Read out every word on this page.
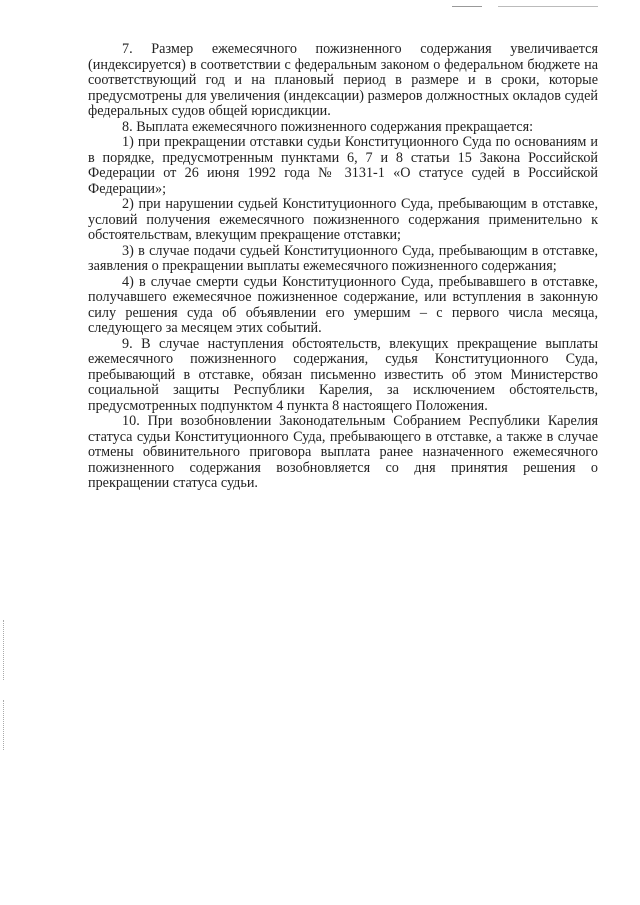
7. Размер ежемесячного пожизненного содержания увеличивается (индексируется) в соответствии с федеральным законом о федеральном бюджете на соответствующий год и на плановый период в размере и в сроки, которые предусмотрены для увеличения (индексации) размеров должностных окладов судей федеральных судов общей юрисдикции.

8. Выплата ежемесячного пожизненного содержания прекращается:

1) при прекращении отставки судьи Конституционного Суда по основаниям и в порядке, предусмотренным пунктами 6, 7 и 8 статьи 15 Закона Российской Федерации от 26 июня 1992 года № 3131-1 «О статусе судей в Российской Федерации»;

2) при нарушении судьей Конституционного Суда, пребывающим в отставке, условий получения ежемесячного пожизненного содержания применительно к обстоятельствам, влекущим прекращение отставки;

3) в случае подачи судьей Конституционного Суда, пребывающим в отставке, заявления о прекращении выплаты ежемесячного пожизненного содержания;

4) в случае смерти судьи Конституционного Суда, пребывавшего в отставке, получавшего ежемесячное пожизненное содержание, или вступления в законную силу решения суда об объявлении его умершим – с первого числа месяца, следующего за месяцем этих событий.

9. В случае наступления обстоятельств, влекущих прекращение выплаты ежемесячного пожизненного содержания, судья Конституционного Суда, пребывающий в отставке, обязан письменно известить об этом Министерство социальной защиты Республики Карелия, за исключением обстоятельств, предусмотренных подпунктом 4 пункта 8 настоящего Положения.

10. При возобновлении Законодательным Собранием Республики Карелия статуса судьи Конституционного Суда, пребывающего в отставке, а также в случае отмены обвинительного приговора выплата ранее назначенного ежемесячного пожизненного содержания возобновляется со дня принятия решения о прекращении статуса судьи.
